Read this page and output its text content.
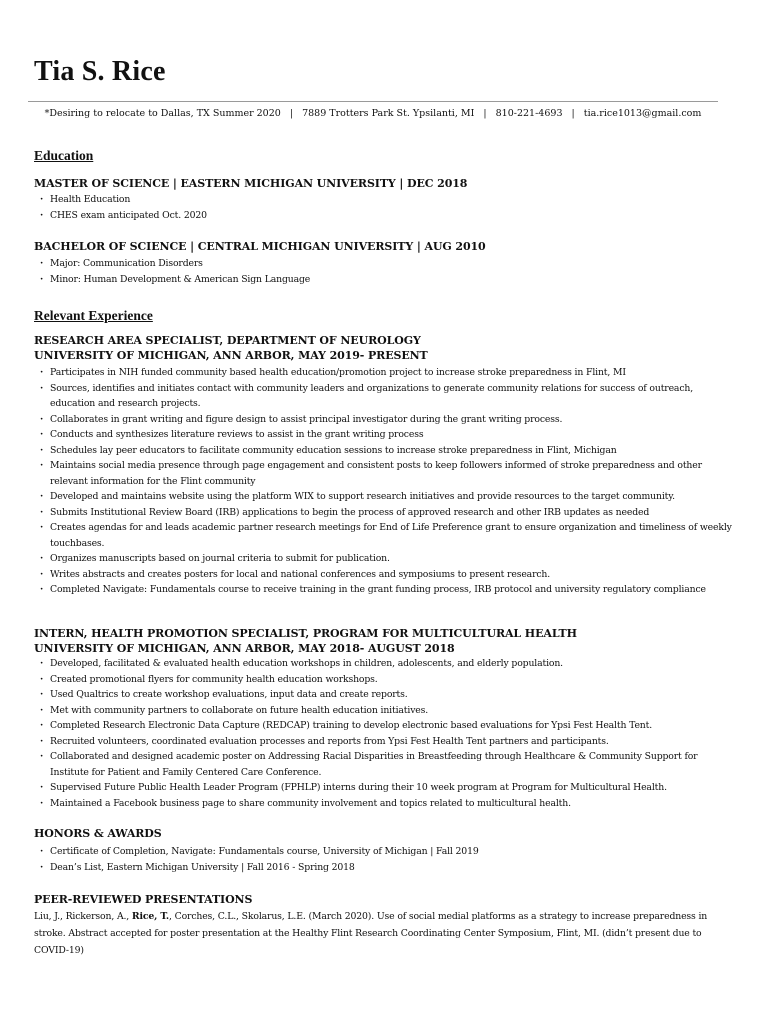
Tia S. Rice
*Desiring to relocate to Dallas, TX Summer 2020 | 7889 Trotters Park St. Ypsilanti, MI | 810-221-4693 | tia.rice1013@gmail.com
Education
MASTER OF SCIENCE | EASTERN MICHIGAN UNIVERSITY | DEC 2018
· Health Education
· CHES exam anticipated Oct. 2020
BACHELOR OF SCIENCE | CENTRAL MICHIGAN UNIVERSITY | AUG 2010
· Major: Communication Disorders
· Minor: Human Development & American Sign Language
Relevant Experience
RESEARCH AREA SPECIALIST, DEPARTMENT OF NEUROLOGY
UNIVERSITY OF MICHIGAN, ANN ARBOR, MAY 2019- PRESENT
· Participates in NIH funded community based health education/promotion project to increase stroke preparedness in Flint, MI
· Sources, identifies and initiates contact with community leaders and organizations to generate community relations for success of outreach, education and research projects.
· Collaborates in grant writing and figure design to assist principal investigator during the grant writing process.
· Conducts and synthesizes literature reviews to assist in the grant writing process
· Schedules lay peer educators to facilitate community education sessions to increase stroke preparedness in Flint, Michigan
· Maintains social media presence through page engagement and consistent posts to keep followers informed of stroke preparedness and other relevant information for the Flint community
· Developed and maintains website using the platform WIX to support research initiatives and provide resources to the target community.
· Submits Institutional Review Board (IRB) applications to begin the process of approved research and other IRB updates as needed
· Creates agendas for and leads academic partner research meetings for End of Life Preference grant to ensure organization and timeliness of weekly touchbases.
· Organizes manuscripts based on journal criteria to submit for publication.
· Writes abstracts and creates posters for local and national conferences and symposiums to present research.
· Completed Navigate: Fundamentals course to receive training in the grant funding process, IRB protocol and university regulatory compliance
INTERN, HEALTH PROMOTION SPECIALIST, PROGRAM FOR MULTICULTURAL HEALTH
UNIVERSITY OF MICHIGAN, ANN ARBOR, MAY 2018- AUGUST 2018
· Developed, facilitated & evaluated health education workshops in children, adolescents, and elderly population.
· Created promotional flyers for community health education workshops.
· Used Qualtrics to create workshop evaluations, input data and create reports.
· Met with community partners to collaborate on future health education initiatives.
· Completed Research Electronic Data Capture (REDCAP) training to develop electronic based evaluations for Ypsi Fest Health Tent.
· Recruited volunteers, coordinated evaluation processes and reports from Ypsi Fest Health Tent partners and participants.
· Collaborated and designed academic poster on Addressing Racial Disparities in Breastfeeding through Healthcare & Community Support for Institute for Patient and Family Centered Care Conference.
· Supervised Future Public Health Leader Program (FPHLP) interns during their 10 week program at Program for Multicultural Health.
· Maintained a Facebook business page to share community involvement and topics related to multicultural health.
HONORS & AWARDS
· Certificate of Completion, Navigate: Fundamentals course, University of Michigan | Fall 2019
· Dean’s List, Eastern Michigan University | Fall 2016 - Spring 2018
PEER-REVIEWED PRESENTATIONS
Liu, J., Rickerson, A., Rice, T., Corches, C.L., Skolarus, L.E. (March 2020). Use of social medial platforms as a strategy to increase preparedness in stroke. Abstract accepted for poster presentation at the Healthy Flint Research Coordinating Center Symposium, Flint, MI. (didn’t present due to COVID-19)
